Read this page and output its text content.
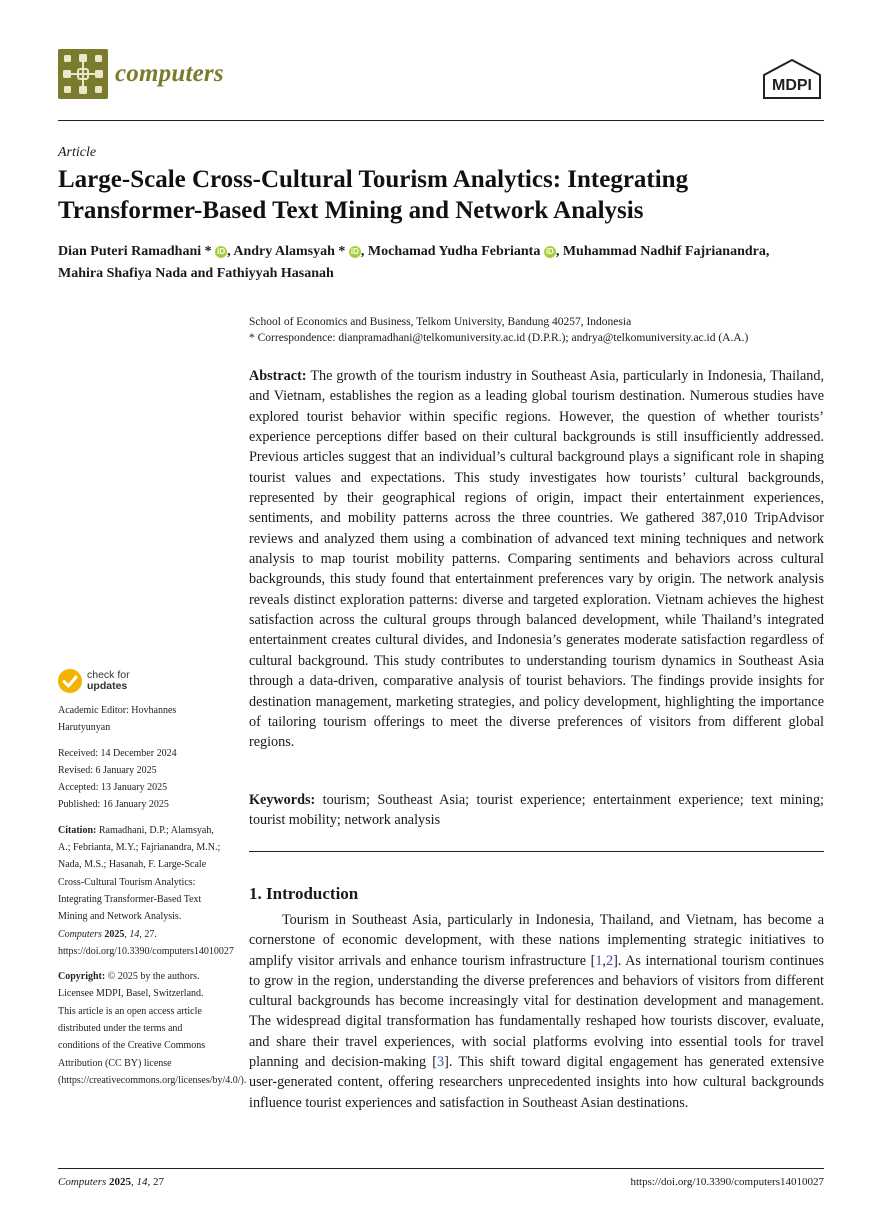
computers	MDPI
Article
Large-Scale Cross-Cultural Tourism Analytics: Integrating Transformer-Based Text Mining and Network Analysis
Dian Puteri Ramadhani * iD , Andry Alamsyah * iD , Mochamad Yudha Febrianta iD , Muhammad Nadhif Fajrianandra,
Mahira Shafiya Nada and Fathiyyah Hasanah
School of Economics and Business, Telkom University, Bandung 40257, Indonesia
* Correspondence: dianpramadhani@telkomuniversity.ac.id (D.P.R.); andrya@telkomuniversity.ac.id (A.A.)
Abstract: The growth of the tourism industry in Southeast Asia, particularly in Indonesia, Thailand, and Vietnam, establishes the region as a leading global tourism destination. Numerous studies have explored tourist behavior within specific regions. However, the question of whether tourists’ experience perceptions differ based on their cultural backgrounds is still insufficiently addressed. Previous articles suggest that an individual’s cultural background plays a significant role in shaping tourist values and expectations. This study investigates how tourists’ cultural backgrounds, represented by their geographical regions of origin, impact their entertainment experiences, sentiments, and mobility patterns across the three countries. We gathered 387,010 TripAdvisor reviews and analyzed them using a combination of advanced text mining techniques and network analysis to map tourist mobility patterns. Comparing sentiments and behaviors across cultural backgrounds, this study found that entertainment preferences vary by origin. The network analysis reveals distinct exploration patterns: diverse and targeted exploration. Vietnam achieves the highest satisfaction across the cultural groups through balanced development, while Thailand’s integrated entertainment creates cultural divides, and Indonesia’s generates moderate satisfaction regardless of cultural background. This study contributes to understanding tourism dynamics in Southeast Asia through a data-driven, comparative analysis of tourist behaviors. The findings provide insights for destination management, marketing strategies, and policy development, highlighting the importance of tailoring tourism offerings to meet the diverse preferences of visitors from different global regions.
Keywords: tourism; Southeast Asia; tourist experience; entertainment experience; text mining; tourist mobility; network analysis
1. Introduction
Tourism in Southeast Asia, particularly in Indonesia, Thailand, and Vietnam, has become a cornerstone of economic development, with these nations implementing strategic initiatives to amplify visitor arrivals and enhance tourism infrastructure [1,2]. As international tourism continues to grow in the region, understanding the diverse preferences and behaviors of visitors from different cultural backgrounds has become increasingly vital for destination development and management. The widespread digital transformation has fundamentally reshaped how tourists discover, evaluate, and share their travel experiences, with social platforms evolving into essential tools for travel planning and decision-making [3]. This shift toward digital engagement has generated extensive user-generated content, offering researchers unprecedented insights into how cultural backgrounds influence tourist experiences and satisfaction in Southeast Asian destinations.
check for
updates

Academic Editor: Hovhannes Harutyunyan

Received: 14 December 2024

Revised: 6 January 2025

Accepted: 13 January 2025

Published: 16 January 2025

Citation: Ramadhani, D.P.; Alamsyah, A.; Febrianta, M.Y.; Fajrianandra, M.N.; Nada, M.S.; Hasanah, F. Large-Scale Cross-Cultural Tourism Analytics: Integrating Transformer-Based Text Mining and Network Analysis. Computers 2025, 14, 27. https://doi.org/10.3390/computers14010027

Copyright: © 2025 by the authors. Licensee MDPI, Basel, Switzerland. This article is an open access article distributed under the terms and conditions of the Creative Commons Attribution (CC BY) license (https://creativecommons.org/licenses/by/4.0/).

Computers 2025, 14, 27	https://doi.org/10.3390/computers14010027
